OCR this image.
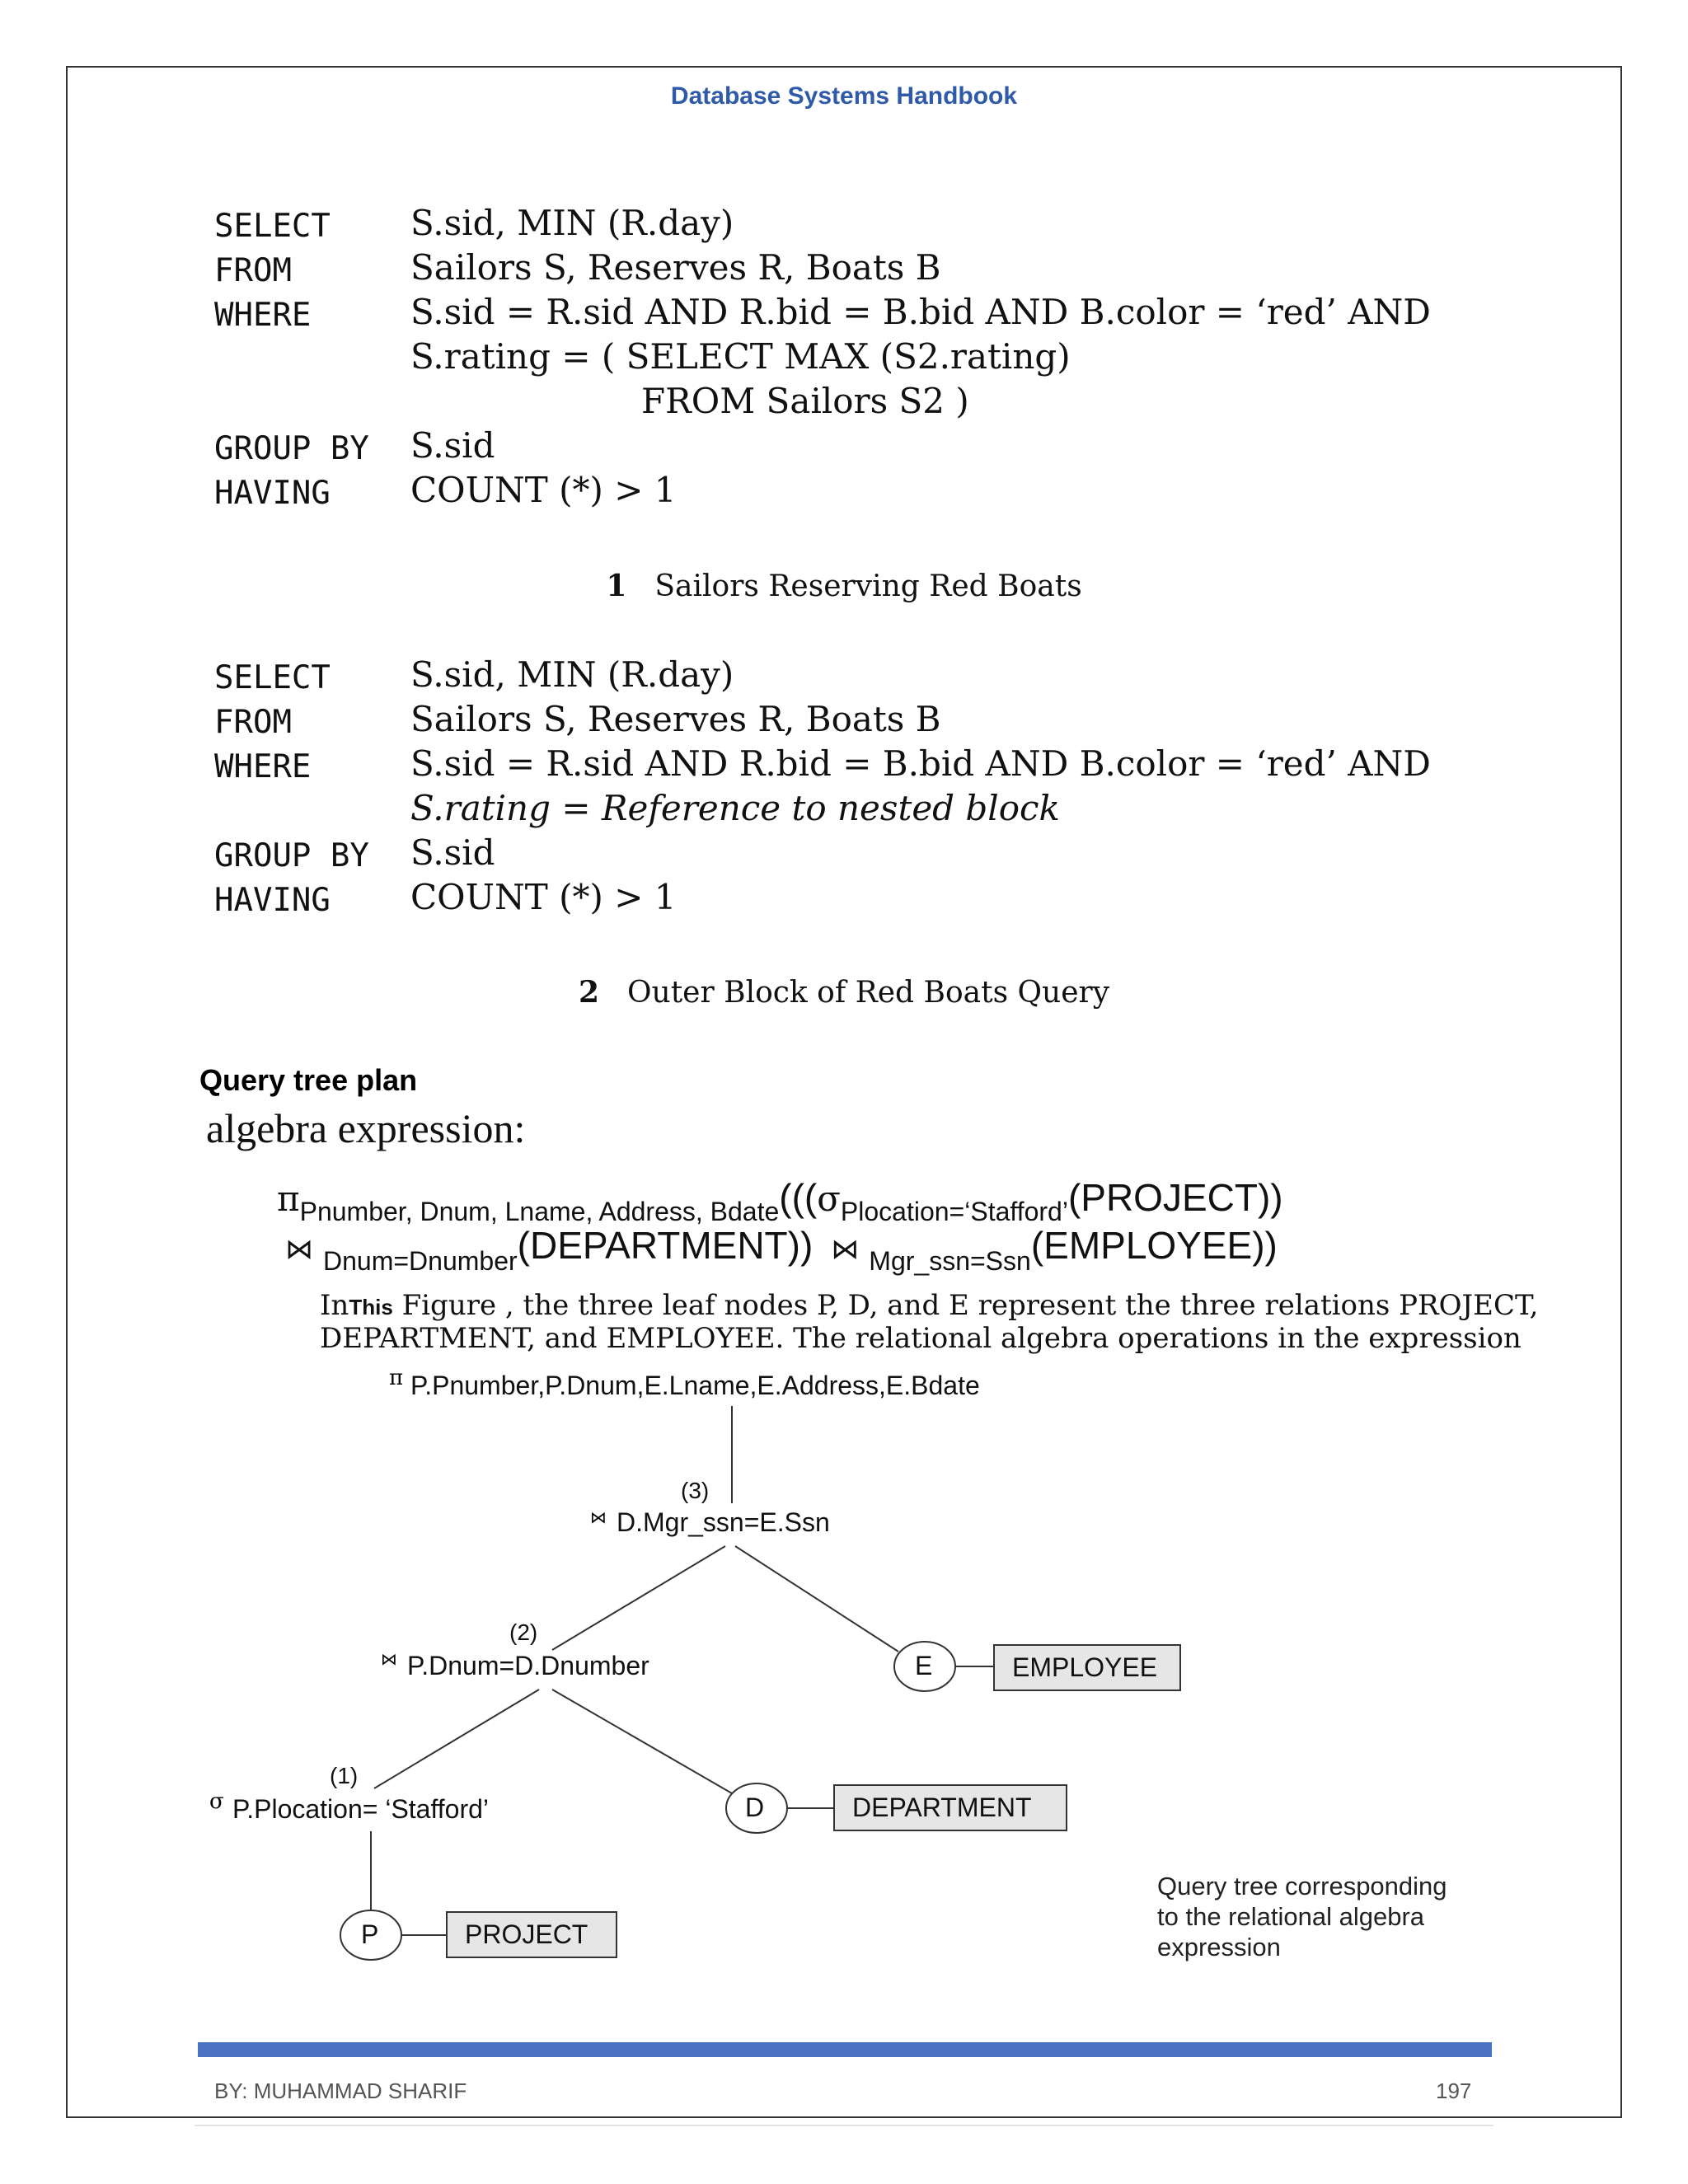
Database Systems Handbook
SELECT S.sid, MIN (R.day)
FROM	Sailors S, Reserves R, Boats B
WHERE	S.sid = R.sid AND R.bid = B.bid AND B.color = ‘red’ AND
S.rating = ( SELECT MAX (S2.rating)
FROM Sailors S2 )
GROUP BY S.sid
HAVING COUNT (*) > 1
1 Sailors Reserving Red Boats
SELECT S.sid, MIN (R.day)
FROM	Sailors S, Reserves R, Boats B
WHERE	S.sid = R.sid AND R.bid = B.bid AND B.color = ‘red’ AND
S.rating = Reference to nested block
GROUP BY S.sid
HAVING COUNT (*) > 1
2 Outer Block of Red Boats Query
Query tree plan
algebra expression:
πPnumber, Dnum, Lname, Address, Bdate(((σPlocation=‘Stafford’(PROJECT))
⋈ Dnum=Dnumber(DEPARTMENT)) ⋈ Mgr_ssn=Ssn(EMPLOYEE))
InThis Figure , the three leaf nodes P, D, and E represent the three relations PROJECT,
DEPARTMENT, and EMPLOYEE. The relational algebra operations in the expression
π P.Pnumber,P.Dnum,E.Lname,E.Address,E.Bdate
(3)
⋈ D.Mgr_ssn=E.Ssn
E	EMPLOYEE
(2)
⋈ P.Dnum=D.Dnumber
D	DEPARTMENT
(1)
σ P.Plocation= ‘Stafford’
P	PROJECT
Query tree corresponding
to the relational algebra
expression
BY: MUHAMMAD SHARIF	197
